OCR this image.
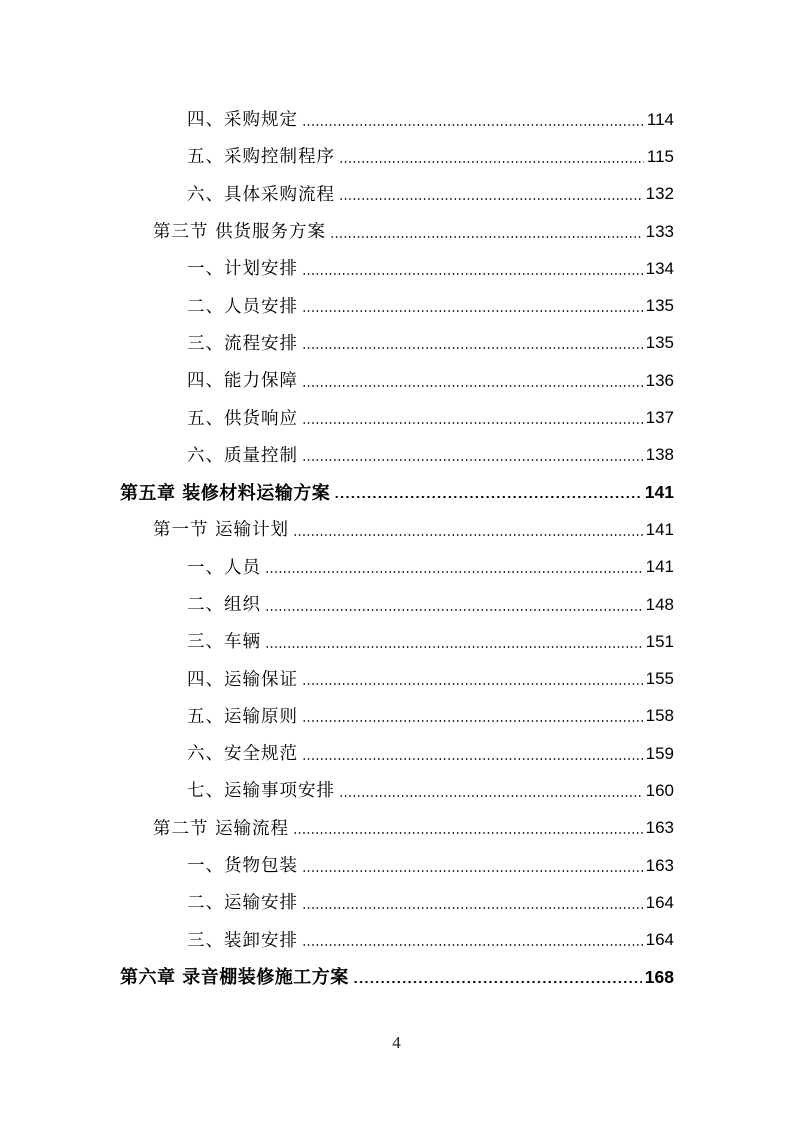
四、采购规定	114
五、采购控制程序	115
六、具体采购流程	132
第三节 供货服务方案	133
一、计划安排	134
二、人员安排	135
三、流程安排	135
四、能力保障	136
五、供货响应	137
六、质量控制	138
第五章 装修材料运输方案	141
第一节 运输计划	141
一、人员	141
二、组织	148
三、车辆	151
四、运输保证	155
五、运输原则	158
六、安全规范	159
七、运输事项安排	160
第二节 运输流程	163
一、货物包装	163
二、运输安排	164
三、装卸安排	164
第六章 录音棚装修施工方案	168
4
